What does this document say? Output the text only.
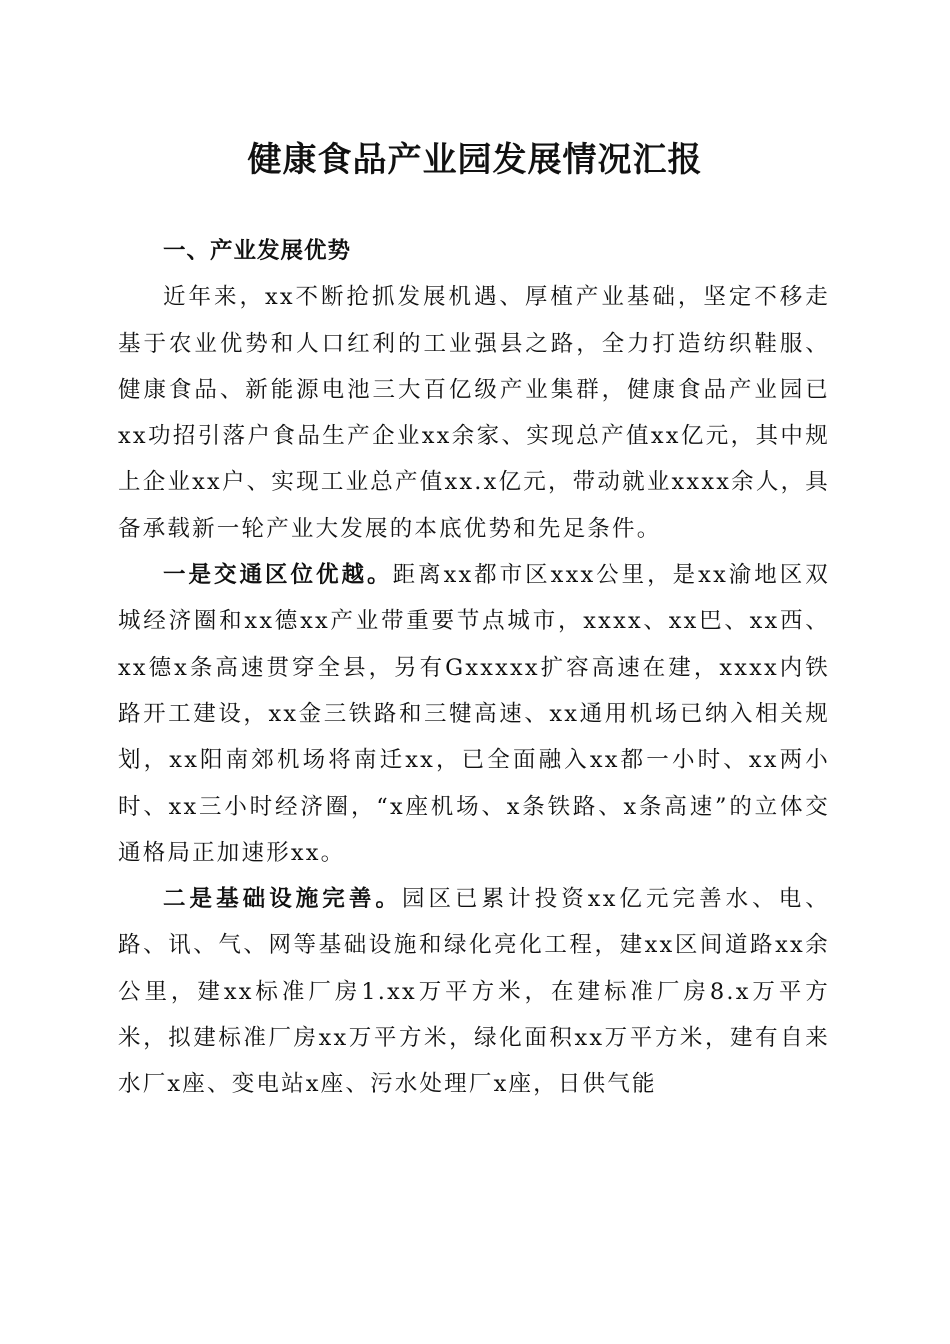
健康食品产业园发展情况汇报

一、产业发展优势

近年来，xx不断抢抓发展机遇、厚植产业基础，坚定不移走基于农业优势和人口红利的工业强县之路，全力打造纺织鞋服、健康食品、新能源电池三大百亿级产业集群，健康食品产业园已xx功招引落户食品生产企业xx余家、实现总产值xx亿元，其中规上企业xx户、实现工业总产值xx.x亿元，带动就业xxxx余人，具备承载新一轮产业大发展的本底优势和先足条件。

一是交通区位优越。距离xx都市区xxx公里，是xx渝地区双城经济圈和xx德xx产业带重要节点城市，xxxx、xx巴、xx西、xx德x条高速贯穿全县，另有Gxxxxx扩容高速在建，xxxx内铁路开工建设，xx金三铁路和三犍高速、xx通用机场已纳入相关规划，xx阳南郊机场将南迁xx，已全面融入xx都一小时、xx两小时、xx三小时经济圈，“x座机场、x条铁路、x条高速”的立体交通格局正加速形xx。

二是基础设施完善。园区已累计投资xx亿元完善水、电、路、讯、气、网等基础设施和绿化亮化工程，建xx区间道路xx余公里，建xx标准厂房1.xx万平方米，在建标准厂房8.x万平方米，拟建标准厂房xx万平方米，绿化面积xx万平方米，建有自来水厂x座、变电站x座、污水处理厂x座，日供气能
